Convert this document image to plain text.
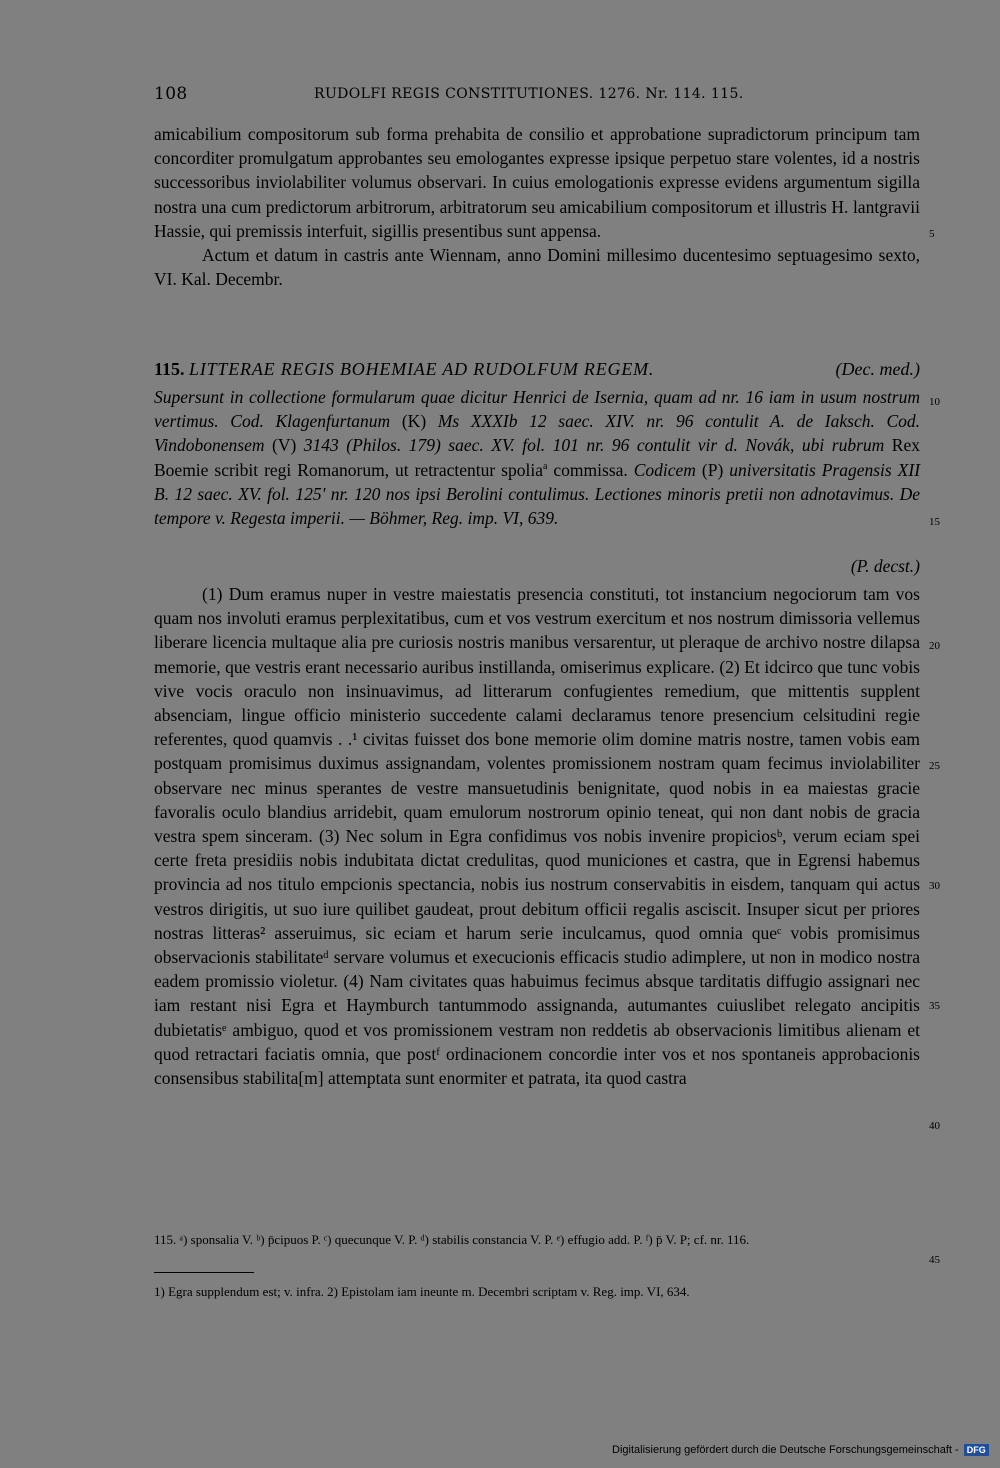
108	RUDOLFI REGIS CONSTITUTIONES. 1276. Nr. 114. 115.

amicabilium compositorum sub forma prehabita de consilio et approbatione supradictorum principum tam concorditer promulgatum approbantes seu emologantes expresse ipsique perpetuo stare volentes, id a nostris successoribus inviolabiliter volumus observari. In cuius emologationis expresse evidens argumentum sigilla nostra una cum predictorum arbitrorum, arbitratorum seu amicabilium compositorum et illustris H. lantgravii Hassie, qui premissis interfuit, sigillis presentibus sunt appensa.

Actum et datum in castris ante Wiennam, anno Domini millesimo ducentesimo septuagesimo sexto, VI. Kal. Decembr.

115. LITTERAE REGIS BOHEMIAE AD RUDOLFUM REGEM.	(Dec. med.)

Supersunt in collectione formularum quae dicitur Henrici de Isernia, quam ad nr. 16 iam in usum nostrum vertimus. Cod. Klagenfurtanum (K) Ms XXXIb 12 saec. XIV. nr. 96 contulit A. de Iaksch. Cod. Vindobonensem (V) 3143 (Philos. 179) saec. XV. fol. 101 nr. 96 contulit vir d. Novák, ubi rubrum Rex Boemie scribit regi Romanorum, ut retractentur spolia$^a$ commissa. Codicem (P) universitatis Pragensis XII B. 12 saec. XV. fol. 125' nr. 120 nos ipsi Berolini contulimus. Lectiones minoris pretii non adnotavimus. De tempore v. Regesta imperii. — Böhmer, Reg. imp. VI, 639.

(P. decst.)
(1) Dum eramus nuper in vestre maiestatis presencia constituti, tot instancium negociorum tam vos quam nos involuti eramus perplexitatibus, cum et vos vestrum exercitum et nos nostrum dimissoria vellemus liberare licencia multaque alia pre curiosis nostris manibus versarentur, ut pleraque de archivo nostre dilapsa memorie, que vestris erant necessario auribus instillanda, omiserimus explicare. (2) Et idcirco que tunc vobis vive vocis oraculo non insinuavimus, ad litterarum confugientes remedium, que mittentis supplent absenciam, lingue officio ministerio succedente calami declaramus tenore presencium celsitudini regie referentes, quod quamvis . .¹ civitas fuisset dos bone memorie olim domine matris nostre, tamen vobis eam postquam promisimus duximus assignandam, volentes promissionem nostram quam fecimus inviolabiliter observare nec minus sperantes de vestre mansuetudinis benignitate, quod nobis in ea maiestas gracie favoralis oculo blandius arridebit, quam emulorum nostrorum opinio teneat, qui non dant nobis de gracia vestra spem sinceram. (3) Nec solum in Egra confidimus vos nobis invenire propiciosᵇ, verum eciam spei certe freta presidiis nobis indubitata dictat credulitas, quod municiones et castra, que in Egrensi habemus provincia ad nos titulo empcionis spectancia, nobis ius nostrum conservabitis in eisdem, tanquam qui actus vestros dirigitis, ut suo iure quilibet gaudeat, prout debitum officii regalis asciscit. Insuper sicut per priores nostras litteras² asseruimus, sic eciam et harum serie inculcamus, quod omnia queᶜ vobis promisimus observacionis stabilitateᵈ servare volumus et execucionis efficacis studio adimplere, ut non in modico nostra eadem promissio violetur. (4) Nam civitates quas habuimus fecimus absque tarditatis diffugio assignari nec iam restant nisi Egra et Haymburch tantummodo assignanda, autumantes cuiuslibet relegato ancipitis dubietatisᵉ ambiguo, quod et vos promissionem vestram non reddetis ab observacionis limitibus alienam et quod retractari faciatis omnia, que postᶠ ordinacionem concordie inter vos et nos spontaneis approbacionis consensibus stabilita[m] attemptata sunt enormiter et patrata, ita quod castra
5
10
15
20
25
30
35
40
45
115. ᵃ) sponsalia V. ᵇ) p̄cipuos P. ᶜ) quecunque V. P. ᵈ) stabilis constancia V. P. ᵉ) effugio add. P. ᶠ) p̄ V. P; cf. nr. 116.
1) Egra supplendum est; v. infra. 2) Epistolam iam ineunte m. Decembri scriptam v. Reg. imp. VI, 634.
Digitalisierung gefördert durch die Deutsche Forschungsgemeinschaft - DFG
